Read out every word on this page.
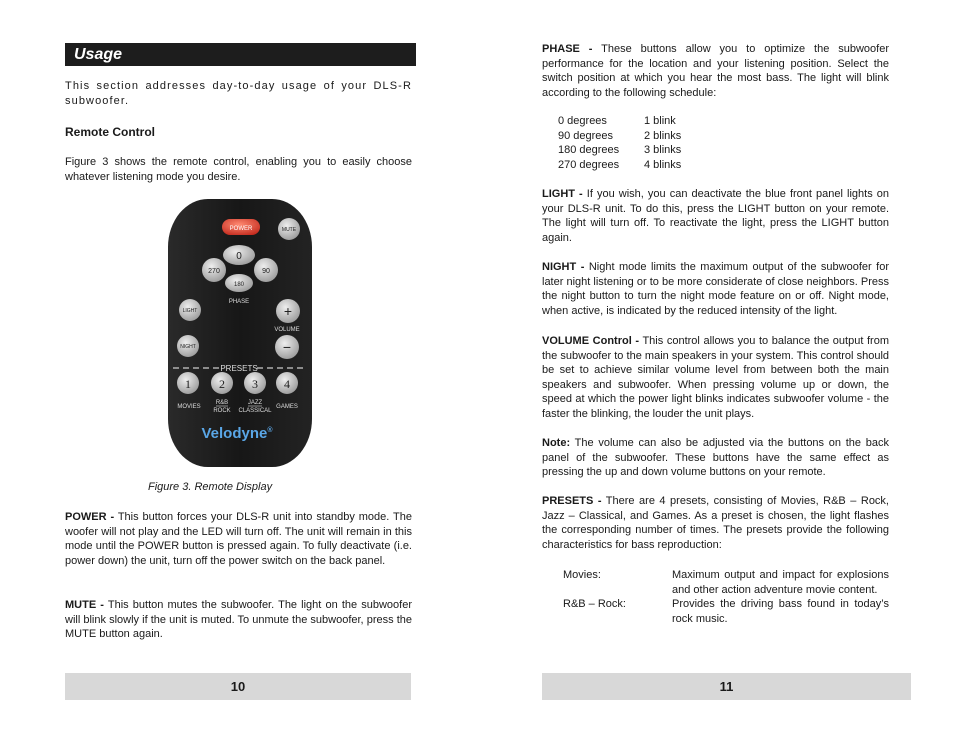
Usage

This section addresses day-to-day usage of your DLS-R subwoofer.

Remote Control

Figure 3 shows the remote control, enabling you to easily choose whatever listening mode you desire.

POWER	MUTE
0
270	90
180
PHASE
LIGHT	+
VOLUME
NIGHT	−
PRESETS
1 2 3 4
MOVIES
R&B
ROCK
JAZZ
CLASSICAL
GAMES
Velodyne®
Figure 3. Remote Display

POWER - This button forces your DLS-R unit into standby mode. The woofer will not play and the LED will turn off. The unit will remain in this mode until the POWER button is pressed again. To fully deactivate (i.e. power down) the unit, turn off the power switch on the back panel.

MUTE - This button mutes the subwoofer. The light on the subwoofer will blink slowly if the unit is muted. To unmute the subwoofer, press the MUTE button again.

10

PHASE - These buttons allow you to optimize the subwoofer performance for the location and your listening position. Select the switch position at which you hear the most bass. The light will blink according to the following schedule:

0 degrees	1 blink
90 degrees	2 blinks
180 degrees	3 blinks
270 degrees	4 blinks

LIGHT - If you wish, you can deactivate the blue front panel lights on your DLS-R unit. To do this, press the LIGHT button on your remote. The light will turn off. To reactivate the light, press the LIGHT button again.

NIGHT - Night mode limits the maximum output of the subwoofer for later night listening or to be more considerate of close neighbors. Press the night button to turn the night mode feature on or off. Night mode, when active, is indicated by the reduced intensity of the light.

VOLUME Control - This control allows you to balance the output from the subwoofer to the main speakers in your system. This control should be set to achieve similar volume level from between both the main speakers and subwoofer. When pressing volume up or down, the speed at which the power light blinks indicates subwoofer volume - the faster the blinking, the louder the unit plays.

Note: The volume can also be adjusted via the buttons on the back panel of the subwoofer. These buttons have the same effect as pressing the up and down volume buttons on your remote.

PRESETS - There are 4 presets, consisting of Movies, R&B – Rock, Jazz – Classical, and Games. As a preset is chosen, the light flashes the corresponding number of times. The presets provide the following characteristics for bass reproduction:

Movies:	Maximum output and impact for explosions and other action adventure movie content.
R&B – Rock:	Provides the driving bass found in today’s rock music.
11
